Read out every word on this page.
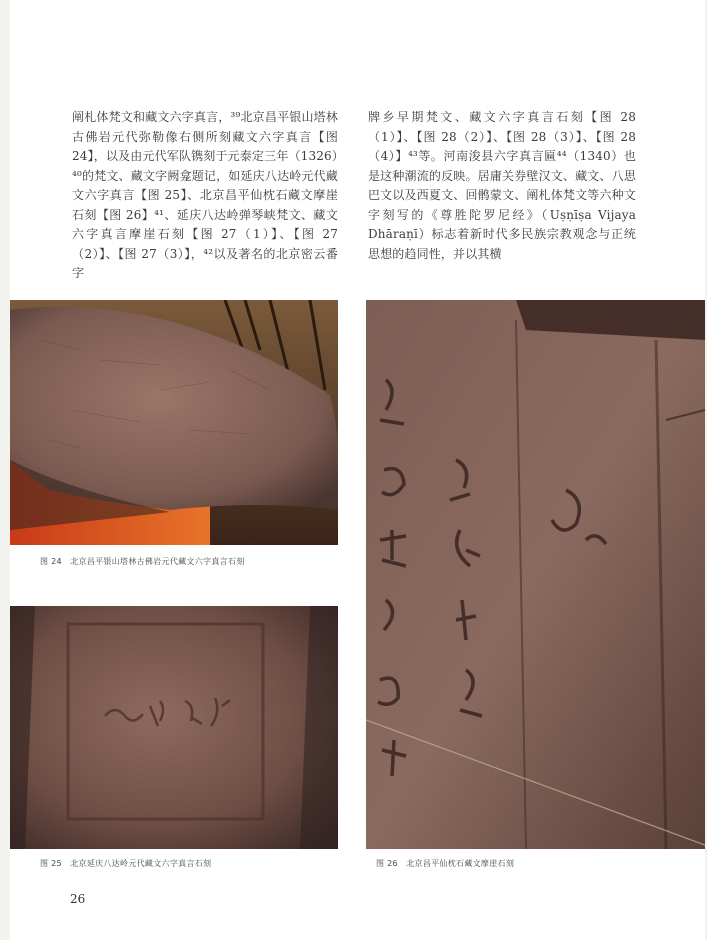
阐札体梵文和藏文六字真言，³⁹北京昌平银山塔林古佛岩元代弥勒像右侧所刻藏文六字真言【图 24】，以及由元代军队镌刻于元泰定三年（1326）⁴⁰的梵文、藏文字阙龛题记，如延庆八达岭元代藏文六字真言【图 25】、北京昌平仙枕石藏文摩崖石刻【图 26】⁴¹、延庆八达岭弹琴峡梵文、藏文六字真言摩崖石刻【图 27（1）】、【图 27（2）】、【图 27（3）】，⁴²以及著名的北京密云番字

牌乡早期梵文、藏文六字真言石刻【图 28（1）】、【图 28（2）】、【图 28（3）】、【图 28（4）】⁴³等。河南浚县六字真言匾⁴⁴（1340）也是这种潮流的反映。居庸关券壁汉文、藏文、八思巴文以及西夏文、回鹘蒙文、阐札体梵文等六种文字刻写的《尊胜陀罗尼经》（Uṣṇīṣa Vijaya Dhāraṇī）标志着新时代多民族宗教观念与正统思想的趋同性，并以其横

图 24　北京昌平银山塔林古佛岩元代藏文六字真言石刻
图 25　北京延庆八达岭元代藏文六字真言石刻	图 26　北京昌平仙枕石藏文摩崖石刻
26
